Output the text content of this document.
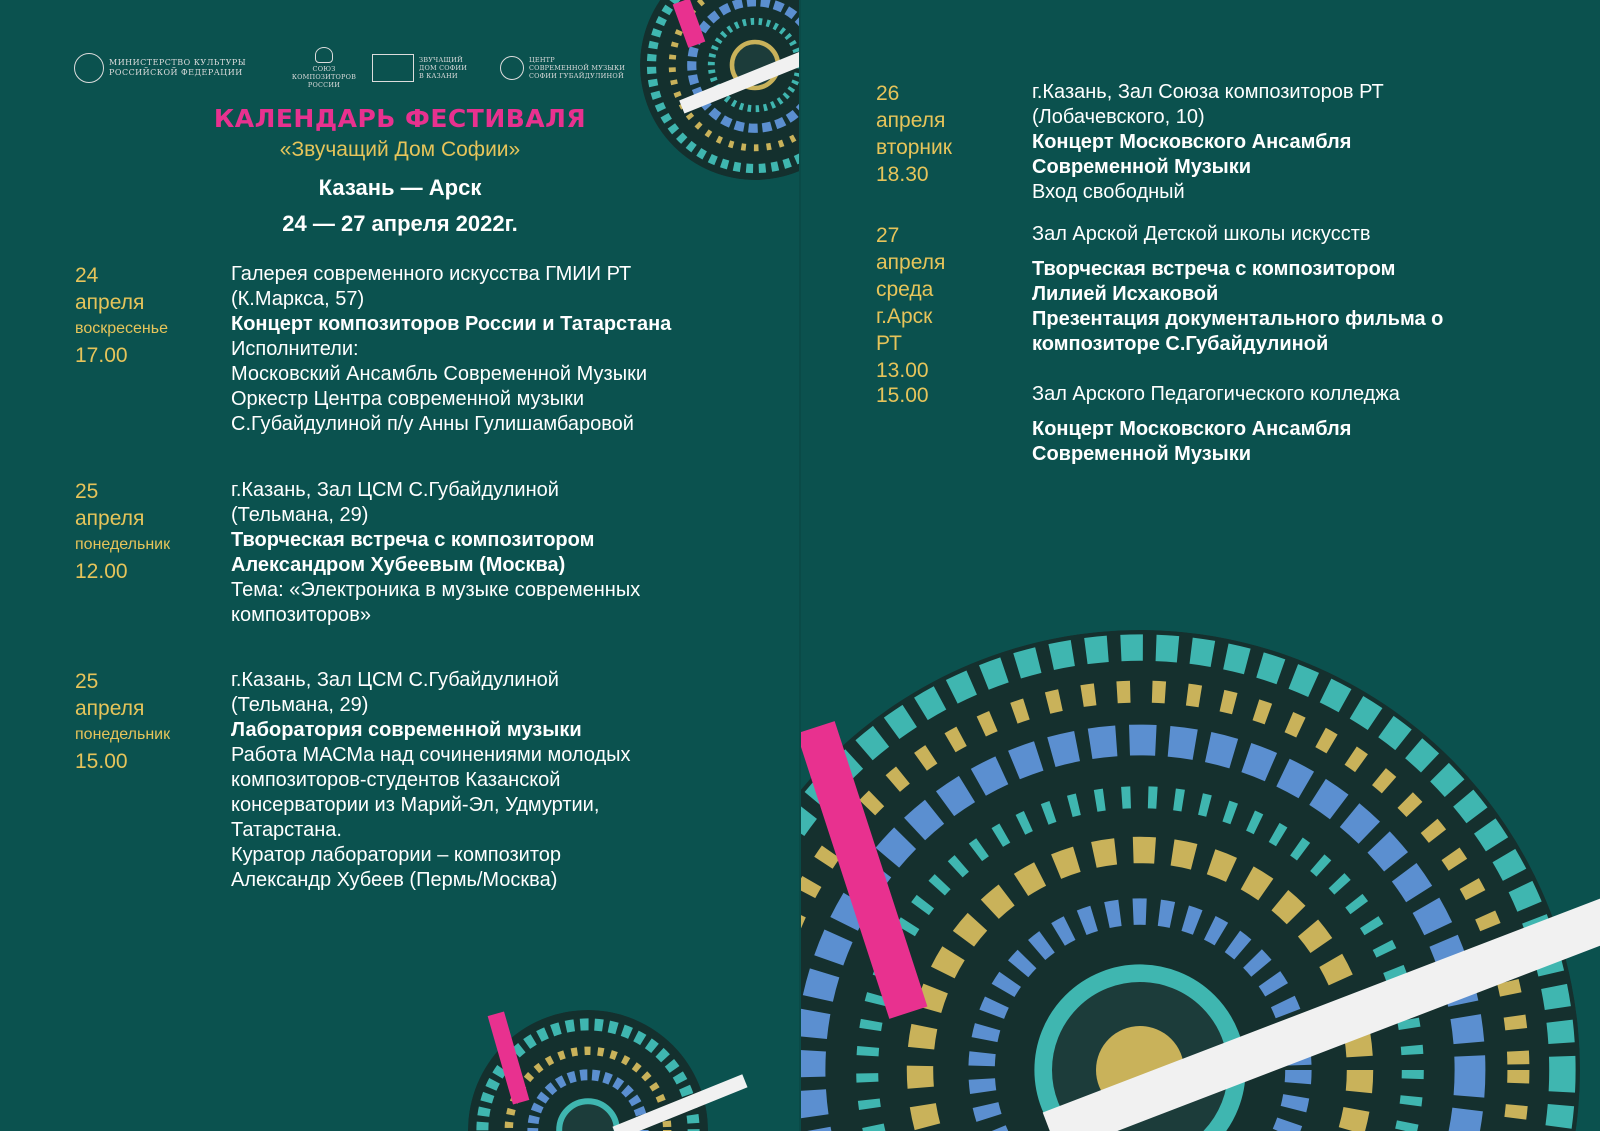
МИНИСТЕРСТВО КУЛЬТУРЫ
РОССИЙСКОЙ ФЕДЕРАЦИИ	СОЮЗ
КОМПОЗИТОРОВ
РОССИИ
ЗВУЧАЩИЙ
ДОМ СОФИИ
В КАЗАНИ
ЦЕНТР
СОВРЕМЕННОЙ МУЗЫКИ
СОФИИ ГУБАЙДУЛИНОЙ
КАЛЕНДАРЬ ФЕСТИВАЛЯ
«Звучащий Дом Софии»
Казань — Арск
24 — 27 апреля 2022г.
24 апреля
воскресенье
17.00
Галерея современного искусства ГМИИ РТ
(К.Маркса, 57)
Концерт композиторов России и Татарстана
Исполнители:
Московский Ансамбль Современной Музыки
Оркестр Центра современной музыки
С.Губайдулиной п/у Анны Гулишамбаровой
25 апреля
понедельник
12.00
г.Казань, Зал ЦСМ С.Губайдулиной
(Тельмана, 29)
Творческая встреча с композитором
Александром Хубеевым (Москва)
Тема: «Электроника в музыке современных
композиторов»
25 апреля
понедельник
15.00
г.Казань, Зал ЦСМ С.Губайдулиной
(Тельмана, 29)
Лаборатория современной музыки
Работа МАСМа над сочинениями молодых
композиторов-студентов Казанской
консерватории из Марий-Эл, Удмуртии,
Татарстана.
Куратор лаборатории – композитор
Александр Хубеев (Пермь/Москва)
26 апреля
вторник
18.30
г.Казань, Зал Союза композиторов РТ
(Лобачевского, 10)
Концерт Московского Ансамбля
Современной Музыки
Вход свободный
27 апреля
среда
г.Арск РТ
13.00
Зал Арской Детской школы искусств
Творческая встреча с композитором
Лилией Исхаковой
Презентация документального фильма о
композиторе С.Губайдулиной
15.00	Зал Арского Педагогического колледжа
Концерт Московского Ансамбля
Современной Музыки
